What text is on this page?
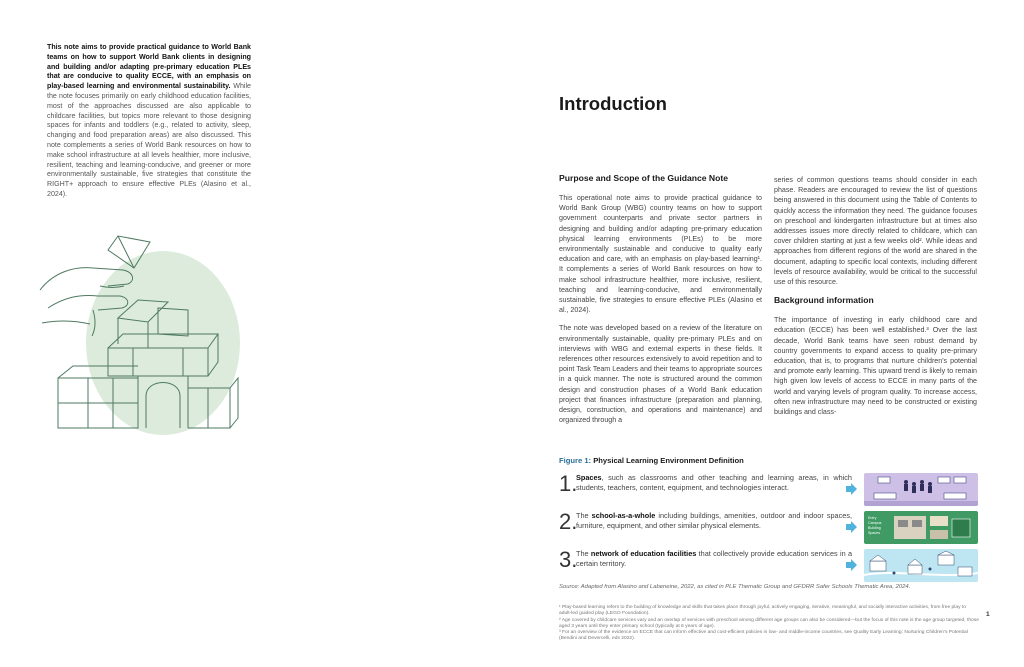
This note aims to provide practical guidance to World Bank teams on how to support World Bank clients in designing and building and/or adapting pre-primary education PLEs that are conducive to quality ECCE, with an emphasis on play-based learning and environmental sustainability. While the note focuses primarily on early childhood education facilities, most of the approaches discussed are also applicable to childcare facilities, but topics more relevant to those designing spaces for infants and toddlers (e.g., related to activity, sleep, changing and food preparation areas) are also discussed. This note complements a series of World Bank resources on how to make school infrastructure at all levels healthier, more inclusive, resilient, teaching and learning-conducive, and greener or more environmentally sustainable, five strategies that constitute the RIGHT+ approach to ensure effective PLEs (Alasino et al., 2024).
Introduction
Purpose and Scope of the Guidance Note

This operational note aims to provide practical guidance to World Bank Group (WBG) country teams on how to support government counterparts and private sector partners in designing and building and/or adapting pre-primary education physical learning environments (PLEs) to be more environmentally sustainable and conducive to quality early education and care, with an emphasis on play-based learning¹. It complements a series of World Bank resources on how to make school infrastructure healthier, more inclusive, resilient, teaching and learning-conducive, and environmentally sustainable, five strategies to ensure effective PLEs (Alasino et al., 2024).

The note was developed based on a review of the literature on environmentally sustainable, quality pre-primary PLEs and on interviews with WBG and external experts in these fields. It references other resources extensively to avoid repetition and to point Task Team Leaders and their teams to appropriate sources in a quick manner. The note is structured around the common design and construction phases of a World Bank education project that finances infrastructure (preparation and planning, design, construction, and operations and maintenance) and organized through a

series of common questions teams should consider in each phase. Readers are encouraged to review the list of questions being answered in this document using the Table of Contents to quickly access the information they need. The guidance focuses on preschool and kindergarten infrastructure but at times also addresses issues more directly related to childcare, which can cover children starting at just a few weeks old². While ideas and approaches from different regions of the world are shared in the document, adapting to specific local contexts, including different levels of resource availability, would be critical to the successful use of this resource.

Background information

The importance of investing in early childhood care and education (ECCE) has been well established.³ Over the last decade, World Bank teams have seen robust demand by country governments to expand access to quality pre-primary education, that is, to programs that nurture children's potential and promote early learning. This upward trend is likely to remain high given low levels of access to ECCE in many parts of the world and varying levels of program quality. To increase access, often new infrastructure may need to be constructed or existing buildings and class-

Figure 1: Physical Learning Environment Definition
1.
Spaces, such as classrooms and other teaching and learning areas, in which students, teachers, content, equipment, and technologies interact.
2.
The school-as-a-whole including buildings, amenities, outdoor and indoor spaces, furniture, equipment, and other similar physical elements.
Entry
Campus
Building
Spaces
3.
The network of education facilities that collectively provide education services in a certain territory.
Source: Adapted from Alasino and Labeneine, 2022, as cited in PLE Thematic Group and GFDRR Safer Schools Thematic Area, 2024.
¹ Play-based learning refers to the building of knowledge and skills that takes place through joyful, actively engaging, iterative, meaningful, and socially interactive activities, from free play to adult-led guided play (LEGO Foundation).
² Age covered by childcare services vary and an overlap of services with preschool among different age groups can also be considered—but the focus of this note is the age group targeted, those aged 3 years until they enter primary school (typically at 6 years of age).
³ For an overview of the evidence on ECCE that can inform effective and cost-efficient policies in low- and middle-income countries, see Quality Early Learning: Nurturing Children's Potential (Bendini and Devercelli, eds 2022).
1
